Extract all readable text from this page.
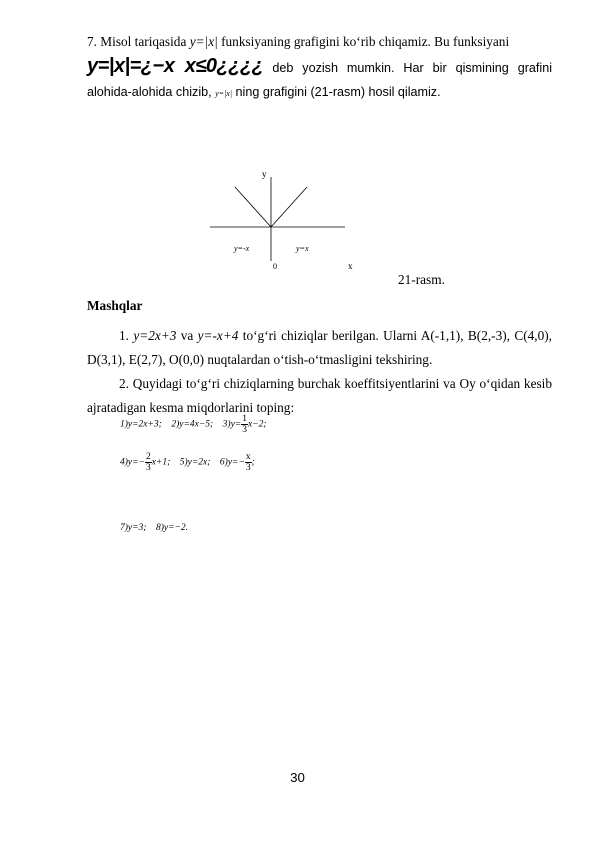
7. Misol tariqasida y=|x| funksiyaning grafigini ko‘rib chiqamiz. Bu funksiyani
y=|x|=¿−x x≤0¿¿¿¿ deb yozish mumkin. Har bir qismining grafini alohida-alohida chizib, y=|x| ning grafigini (21-rasm) hosil qilamiz.
y
x
0
y=-x	y=x
21-rasm.
Mashqlar
1. y=2x+3 va y=-x+4 to‘g‘ri chiziqlar berilgan. Ularni A(-1,1), B(2,-3), C(4,0), D(3,1), E(2,7), O(0,0) nuqtalardan o‘tish-o‘tmasligini tekshiring.
2. Quyidagi to‘g‘ri chiziqlarning burchak koeffitsiyentlarini va Oy o‘qidan kesib ajratadigan kesma miqdorlarini toping:
1)y=2x+3;    2)y=4x−5;    $3)y= \frac{1}{3} x-2$;
$4)y=- \frac{2}{3} x+1$;    5)y=2x;    $6)y=- \frac{x}{3}$ ;
7)y=3;    8)y=−2.
30
